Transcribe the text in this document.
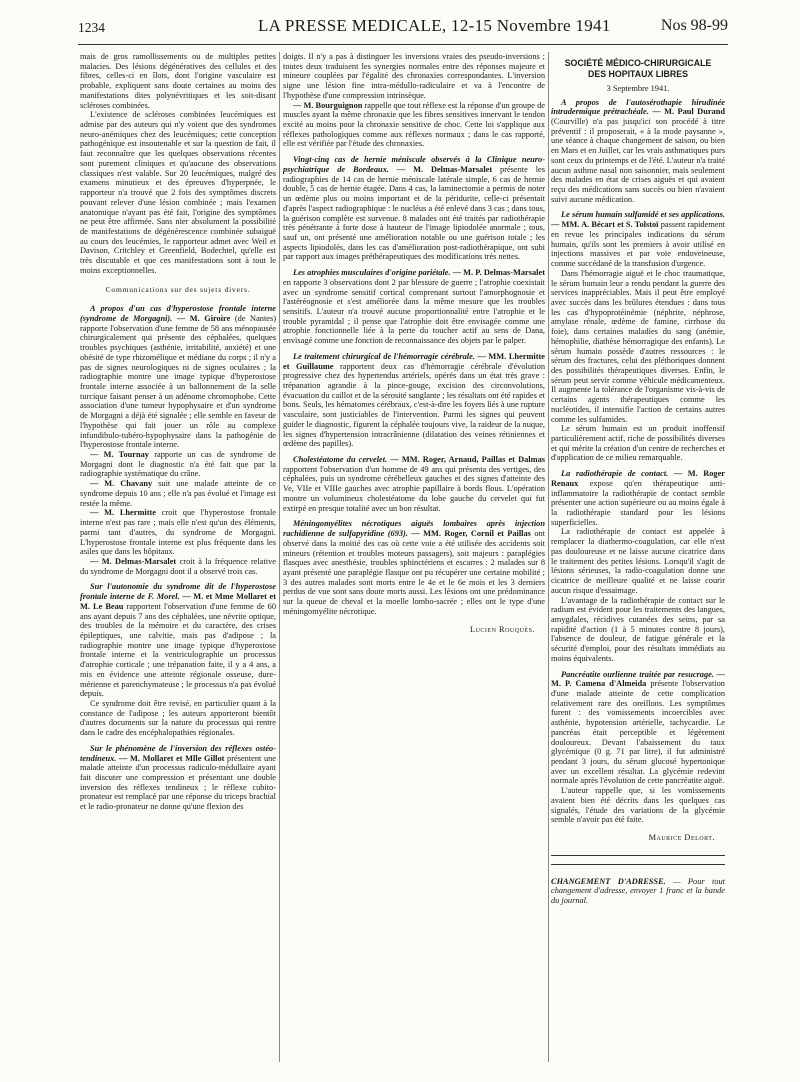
1234	LA PRESSE MEDICALE, 12-15 Novembre 1941	Nos 98-99

mais de gros ramollissements ou de multiples petites malacies. Des lésions dégénératives des cellules et des fibres, celles-ci en îlots, dont l'origine vasculaire est probable, expliquent sans doute certaines au moins des manifestations dites polynévritiques et les soit-disant scléroses combinées.

L'existence de scléroses combinées leucémiques est admise par des auteurs qui n'y voient que des syndromes neuro-anémiques chez des leucémiques; cette conception pathogénique est insoutenable et sur la question de fait, il faut reconnaître que les quelques observations récentes sont purement cliniques et qu'aucune des observations classiques n'est valable. Sur 20 leucémiques, malgré des examens minutieux et des épreuves d'hyperpnée, le rapporteur n'a trouvé que 2 fois des symptômes discrets pouvant relever d'une lésion combinée ; mais l'examen anatomique n'ayant pas été fait, l'origine des symptômes ne peut être affirmée. Sans nier absolument la possibilité de manifestations de dégénérescence combinée subaiguë au cours des leucémies, le rapporteur admet avec Weil et Davison, Critchley et Greenfield, Bodechtel, qu'elle est très discutable et que ces manifestations sont à tout le moins exceptionnelles.

Communications sur des sujets divers.

A propos d'un cas d'hyperostose frontale interne (syndrome de Morgagni). — M. Giroire (de Nantes) rapporte l'observation d'une femme de 58 ans ménopausée chirurgicalement qui présente des céphalées, quelques troubles psychiques (asthénie, irritabilité, anxiété) et une obésité de type rhizomélique et médiane du corps ; il n'y a pas de signes neurologiques ni de signes oculaires ; la radiographie montre une image typique d'hyperostose frontale interne associée à un ballonnement de la selle turcique faisant penser à un adénome chromophobe. Cette association d'une tumeur hypophysaire et d'un syndrome de Morgagni a déjà été signalée ; elle semble en faveur de l'hypothèse qui fait jouer un rôle au complexe infundibulo-tubéro-hypophysaire dans la pathogénie de l'hyperostose frontale interne.

— M. Tournay rapporte un cas de syndrome de Morgagni dont le diagnostic n'a été fait que par la radiographie systématique du crâne.

— M. Chavany suit une malade atteinte de ce syndrome depuis 10 ans ; elle n'a pas évolué et l'image est restée la même.

— M. Lhermitte croit que l'hyperostose frontale interne n'est pas rare ; mais elle n'est qu'un des éléments, parmi tant d'autres, du syndrome de Morgagni. L'hyperostose frontale interne est plus fréquente dans les asiles que dans les hôpitaux.

— M. Delmas-Marsalet croit à la fréquence relative du syndrome de Morgagni dont il a observé trois cas.

Sur l'autonomie du syndrome dit de l'hyperostose frontale interne de F. Morel. — M. et Mme Mollaret et M. Le Beau rapportent l'observation d'une femme de 60 ans ayant depuis 7 ans des céphalées, une névrite optique, des troubles de la mémoire et du caractère, des crises épileptiques, une calvitie, mais pas d'adipose ; la radiographie montre une image typique d'hyperostose frontale interne et la ventriculographie un processus d'atrophie corticale ; une trépanation faite, il y a 4 ans, a mis en évidence une atteinte régionale osseuse, dure-mérienne et parenchymateuse ; le processus n'a pas évolué depuis.

Ce syndrome doit être revisé, en particulier quant à la constance de l'adipose ; les auteurs apporteront bientôt d'autres documents sur la nature du processus qui rentre dans le cadre des encéphalopathies régionales.

Sur le phénomène de l'inversion des réflexes ostéo-tendineux. — M. Mollaret et Mlle Gillot présentent une malade atteinte d'un processus radiculo-médullaire ayant fait discuter une compression et présentant une double inversion des réflexes tendineux ; le réflexe cubito-pronateur est remplacé par une réponse du triceps brachial et le radio-pronateur ne donne qu'une flexion des

doigts. Il n'y a pas à distinguer les inversions vraies des pseudo-inversions ; toutes deux traduisent les synergies normales entre des réponses majeure et mineure couplées par l'égalité des chronaxies correspondantes. L'inversion signe une lésion fine intra-médullo-radiculaire et va à l'encontre de l'hypothèse d'une compression intrinsèque.

— M. Bourguignon rappelle que tout réflexe est la réponse d'un groupe de muscles ayant la même chronaxie que les fibres sensitives innervant le tendon excité au moins pour la chronaxie sensitive de choc. Cette loi s'applique aux réflexes pathologiques comme aux réflexes normaux ; dans le cas rapporté, elle est vérifiée par l'étude des chronaxies.

Vingt-cinq cas de hernie méniscale observés à la Clinique neuro-psychiatrique de Bordeaux. — M. Delmas-Marsalet présente les radiographies de 14 cas de hernie méniscale latérale simple, 6 cas de hernie double, 5 cas de hernie étagée. Dans 4 cas, la laminectomie a permis de noter un œdème plus ou moins important et de la péridurite, celle-ci présentait d'après l'aspect radiographique : le nucléus a été enlevé dans 3 cas ; dans tous, la guérison complète est survenue. 8 malades ont été traités par radiothérapie très pénétrante à forte dose à hauteur de l'image lipiodolée anormale ; tous, sauf un, ont présenté une amélioration notable ou une guérison totale ; les aspects lipiodolés, dans les cas d'amélioration post-radiothérapique, ont subi par rapport aux images préthérapeutiques des modifications très nettes.

Les atrophies musculaires d'origine pariétale. — M. P. Delmas-Marsalet en rapporte 3 observations dont 2 par blessure de guerre ; l'atrophie coexistait avec un syndrome sensitif cortical comprenant surtout l'amorphognosie et l'astéréognosie et s'est améliorée dans la même mesure que les troubles sensitifs. L'auteur n'a trouvé aucune proportionnalité entre l'atrophie et le trouble pyramidal ; il pense que l'atrophie doit être envisagée comme une atrophie fonctionnelle liée à la perte du toucher actif au sens de Dana, envisagé comme une fonction de reconnaissance des objets par le palper.

Le traitement chirurgical de l'hémorragie cérébrale. — MM. Lhermitte et Guillaume rapportent deux cas d'hémorragie cérébrale d'évolution progressive chez des hypertendus artériels, opérés dans un état très grave : trépanation agrandie à la pince-gouge, excision des circonvolutions, évacuation du caillot et de la sérosité sanglante ; les résultats ont été rapides et bons. Seuls, les hématomes cérébraux, c'est-à-dire les foyers liés à une rupture vasculaire, sont justiciables de l'intervention. Parmi les signes qui peuvent guider le diagnostic, figurent la céphalée toujours vive, la raideur de la nuque, les signes d'hypertension intracrânienne (dilatation des veines rétiniennes et œdème des papilles).

Cholestéatome du cervelet. — MM. Roger, Arnaud, Paillas et Dalmas rapportent l'observation d'un homme de 49 ans qui présenta des vertiges, des céphalées, puis un syndrome cérébelleux gauches et des signes d'atteinte des Ve, VIIe et VIIIe gauches avec atrophie papillaire à bords flous. L'opération montre un volumineux cholestéatome du lobe gauche du cervelet qui fut extirpé en presque totalité avec un bon résultat.

Méningomyélites nécrotiques aiguës lombaires après injection rachidienne de sulfapyridine (693). — MM. Roger, Cornil et Paillas ont observé dans la moitié des cas où cette voie a été utilisée des accidents soit mineurs (rétention et troubles moteurs passagers), soit majeurs : paraplégies flasques avec anesthésie, troubles sphinctériens et escarres : 2 malades sur 8 ayant présenté une paraplégie flasque ont pu récupérer une certaine mobilité ; 3 des autres malades sont morts entre le 4e et le 6e mois et les 3 derniers perdus de vue sont sans doute morts aussi. Les lésions ont une prédominance sur la queue de cheval et la moelle lombo-sacrée ; elles ont le type d'une méningomyélite nécrotique.

Lucien Rouquès.

SOCIÉTÉ MÉDICO-CHIRURGICALE
DES HOPITAUX LIBRES

3 Septembre 1941.

A propos de l'autosérothapie hirudinée intradermique prétrachéale. — M. Paul Durand (Courville) n'a pas jusqu'ici son procédé à titre préventif : il proposerait, « à la mode paysanne », une séance à chaque changement de saison, ou bien en Mars et en Juillet, car les vrais asthmatiques purs sont ceux du printemps et de l'été. L'auteur n'a traité aucun asthme nasal non saisonnier, mais seulement des malades en état de crises aiguës et qui avaient reçu des médications sans succès ou bien n'avaient suivi aucune médication.

Le sérum humain sulfamidé et ses applications. — MM. A. Bécart et S. Tolstoï passent rapidement en revue les principales indications du sérum humain, qu'ils sont les premiers à avoir utilisé en injections massives et par voie endoveineuse, comme succédané de la transfusion d'urgence.

Dans l'hémorragie aiguë et le choc traumatique, le sérum humain leur a rendu pendant la guerre des services inappréciables. Mais il peut être employé avec succès dans les brûlures étendues : dans tous les cas d'hypoprotéinémie (néphrite, néphrose, amylase rénale, œdème de famine, cirrhose du foie), dans certaines maladies du sang (anémie, hémophilie, diathèse hémorragique des enfants). Le sérum humain possède d'autres ressources : le sérum des fractures, celui des pléthoriques donnent des possibilités thérapeutiques diverses. Enfin, le sérum peut servir comme véhicule médicamenteux. Il augmente la tolérance de l'organisme vis-à-vis de certains agents thérapeutiques comme les nucléotides, il intensifie l'action de certains autres comme les sulfamides.

Le sérum humain est un produit inoffensif particulièrement actif, riche de possibilités diverses et qui mérite la création d'un centre de recherches et d'application de ce milieu remarquable.

La radiothérapie de contact. — M. Roger Renaux expose qu'en thérapeutique anti-inflammatoire la radiothérapie de contact semble présenter une action supérieure ou au moins égale à la radiothérapie standard pour les lésions superficielles.

La radiothérapie de contact est appelée à remplacer la diathermo-coagulation, car elle n'est pas douloureuse et ne laisse aucune cicatrice dans le traitement des petites lésions. Lorsqu'il s'agit de lésions sérieuses, la radio-coagulation donne une cicatrice de meilleure qualité et ne laisse courir aucun risque d'essaimage.

L'avantage de la radiothérapie de contact sur le radium est évident pour les traitements des langues, amygdales, récidives cutanées des seins, par sa rapidité d'action (1 à 5 minutes contre 8 jours), l'absence de douleur, de fatigue générale et la sécurité d'emploi, pour des résultats immédiats au moins équivalents.

Pancréatite ourlienne traitée par resucrage. — M. P. Camena d'Almeida présente l'observation d'une malade atteinte de cette complication relativement rare des oreillons. Les symptômes furent : des vomissements incoercibles avec asthénie, hypotension artérielle, tachycardie. Le pancréas était perceptible et légèrement douloureux. Devant l'abaissement du taux glycémique (0 g. 71 par litre), il fut administré pendant 3 jours, du sérum glucosé hypertonique avec un excellent résultat. La glycémie redevint normale après l'évolution de cette pancréatite aiguë.

L'auteur rappelle que, si les vomissements avaient bien été décrits dans les quelques cas signalés, l'étude des variations de la glycémie semble n'avoir pas été faite.

Maurice Delort.

CHANGEMENT D'ADRESSE. — Pour tout changement d'adresse, envoyer 1 franc et la bande du journal.
